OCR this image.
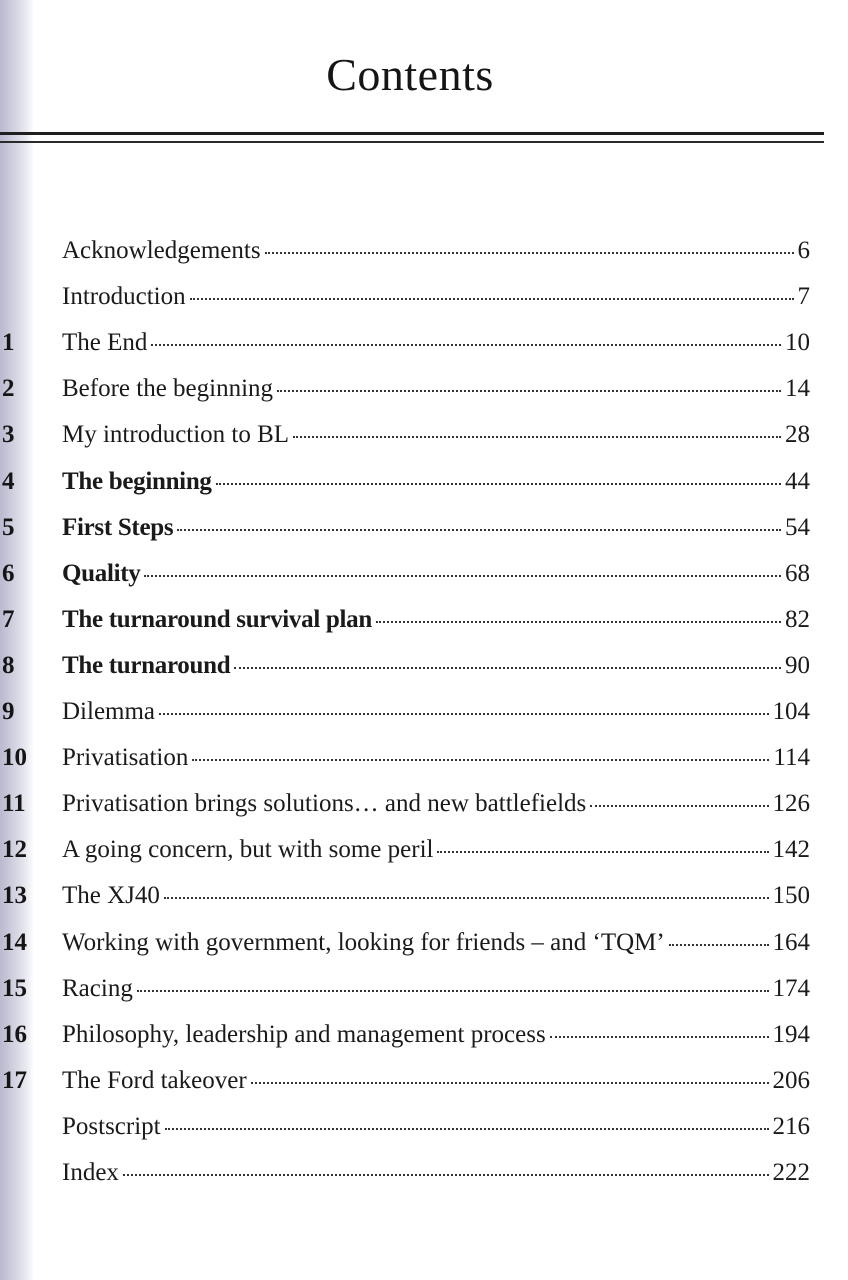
Contents
Acknowledgements	6
Introduction	7
1	The End	10
2	Before the beginning	14
3	My introduction to BL	28
4	The beginning	44
5	First Steps	54
6	Quality	68
7	The turnaround survival plan	82
8	The turnaround	90
9	Dilemma	104
10	Privatisation	114
11	Privatisation brings solutions… and new battlefields	126
12	A going concern, but with some peril	142
13	The XJ40	150
14	Working with government, looking for friends – and ‘TQM’	164
15	Racing	174
16	Philosophy, leadership and management process	194
17	The Ford takeover	206
Postscript	216
Index	222
